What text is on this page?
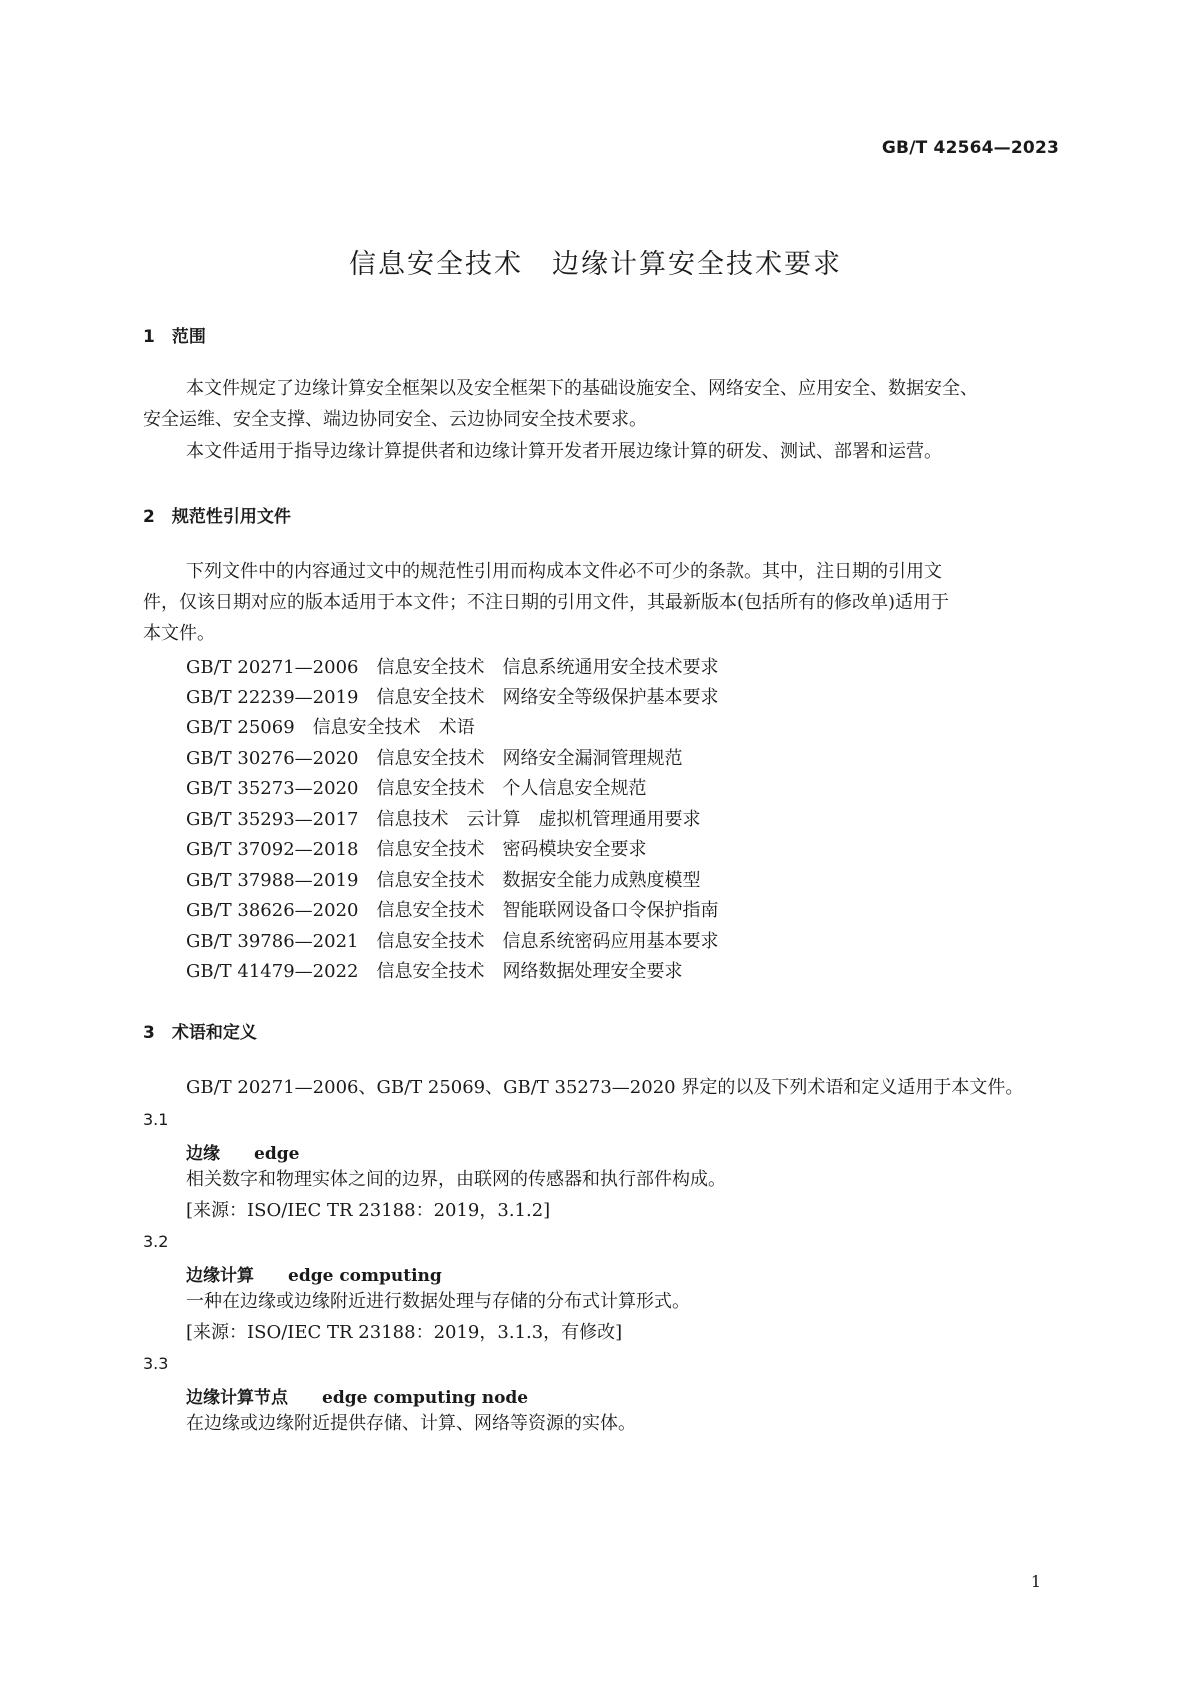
GB/T 42564—2023
信息安全技术　边缘计算安全技术要求
1　范围
本文件规定了边缘计算安全框架以及安全框架下的基础设施安全、网络安全、应用安全、数据安全、
安全运维、安全支撑、端边协同安全、云边协同安全技术要求。
本文件适用于指导边缘计算提供者和边缘计算开发者开展边缘计算的研发、测试、部署和运营。
2　规范性引用文件
下列文件中的内容通过文中的规范性引用而构成本文件必不可少的条款。其中，注日期的引用文
件，仅该日期对应的版本适用于本文件；不注日期的引用文件，其最新版本(包括所有的修改单)适用于
本文件。
GB/T 20271—2006　信息安全技术　信息系统通用安全技术要求
GB/T 22239—2019　信息安全技术　网络安全等级保护基本要求
GB/T 25069　信息安全技术　术语
GB/T 30276—2020　信息安全技术　网络安全漏洞管理规范
GB/T 35273—2020　信息安全技术　个人信息安全规范
GB/T 35293—2017　信息技术　云计算　虚拟机管理通用要求
GB/T 37092—2018　信息安全技术　密码模块安全要求
GB/T 37988—2019　信息安全技术　数据安全能力成熟度模型
GB/T 38626—2020　信息安全技术　智能联网设备口令保护指南
GB/T 39786—2021　信息安全技术　信息系统密码应用基本要求
GB/T 41479—2022　信息安全技术　网络数据处理安全要求
3　术语和定义
GB/T 20271—2006、GB/T 25069、GB/T 35273—2020 界定的以及下列术语和定义适用于本文件。
3.1
边缘　　 edge
相关数字和物理实体之间的边界，由联网的传感器和执行部件构成。
[来源：ISO/IEC TR 23188：2019，3.1.2]
3.2
边缘计算　　 edge computing
一种在边缘或边缘附近进行数据处理与存储的分布式计算形式。
[来源：ISO/IEC TR 23188：2019，3.1.3，有修改]
3.3
边缘计算节点　　 edge computing node
在边缘或边缘附近提供存储、计算、网络等资源的实体。
1
